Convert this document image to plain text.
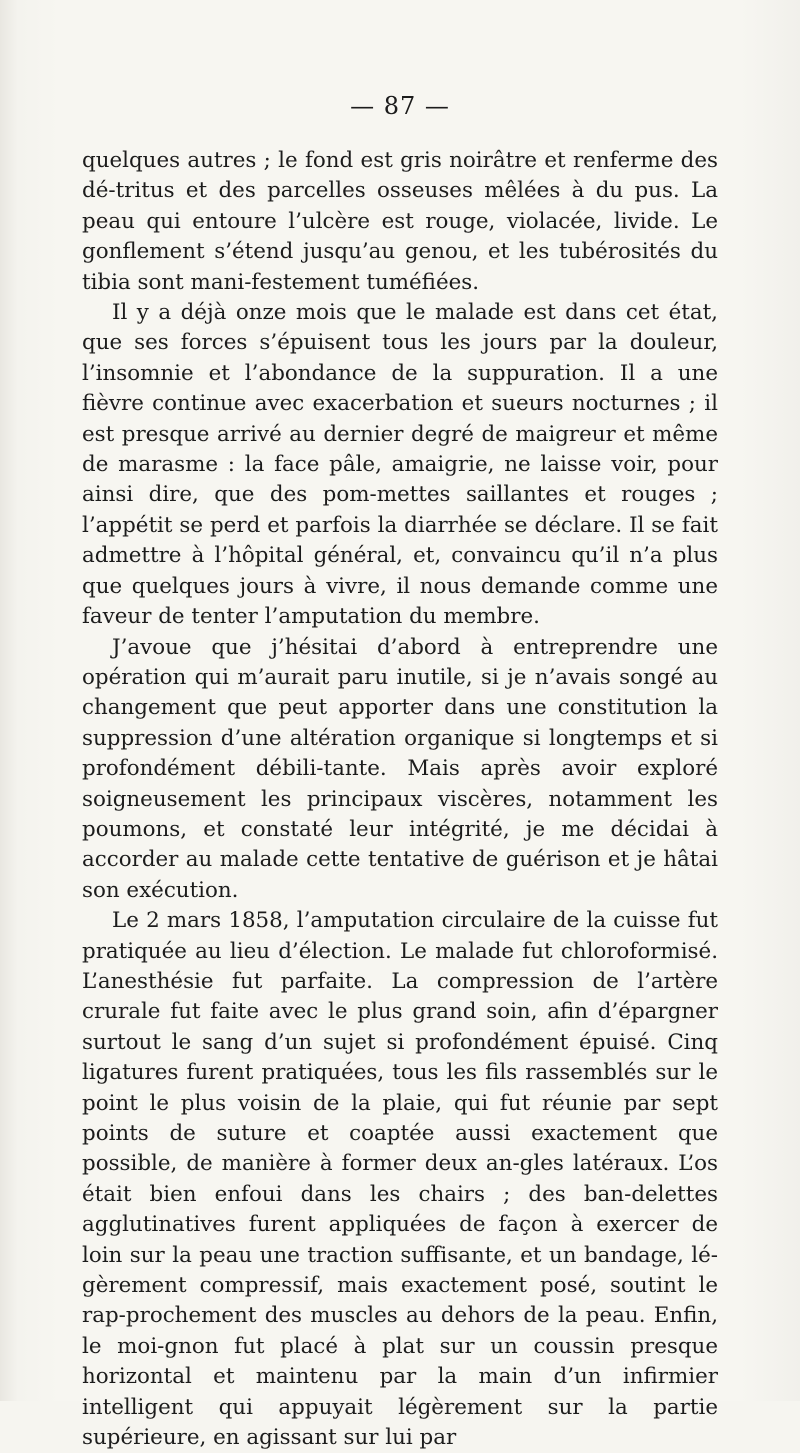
— 87 —

quelques autres ; le fond est gris noirâtre et renferme des dé-tritus et des parcelles osseuses mêlées à du pus. La peau qui entoure l’ulcère est rouge, violacée, livide. Le gonflement s’étend jusqu’au genou, et les tubérosités du tibia sont mani-festement tuméfiées.

Il y a déjà onze mois que le malade est dans cet état, que ses forces s’épuisent tous les jours par la douleur, l’insomnie et l’abondance de la suppuration. Il a une fièvre continue avec exacerbation et sueurs nocturnes ; il est presque arrivé au dernier degré de maigreur et même de marasme : la face pâle, amaigrie, ne laisse voir, pour ainsi dire, que des pom-mettes saillantes et rouges ; l’appétit se perd et parfois la diarrhée se déclare. Il se fait admettre à l’hôpital général, et, convaincu qu’il n’a plus que quelques jours à vivre, il nous demande comme une faveur de tenter l’amputation du membre.

J’avoue que j’hésitai d’abord à entreprendre une opération qui m’aurait paru inutile, si je n’avais songé au changement que peut apporter dans une constitution la suppression d’une altération organique si longtemps et si profondément débili-tante. Mais après avoir exploré soigneusement les principaux viscères, notamment les poumons, et constaté leur intégrité, je me décidai à accorder au malade cette tentative de guérison et je hâtai son exécution.

Le 2 mars 1858, l’amputation circulaire de la cuisse fut pratiquée au lieu d’élection. Le malade fut chloroformisé. L’anesthésie fut parfaite. La compression de l’artère crurale fut faite avec le plus grand soin, afin d’épargner surtout le sang d’un sujet si profondément épuisé. Cinq ligatures furent pratiquées, tous les fils rassemblés sur le point le plus voisin de la plaie, qui fut réunie par sept points de suture et coaptée aussi exactement que possible, de manière à former deux an-gles latéraux. L’os était bien enfoui dans les chairs ; des ban-delettes agglutinatives furent appliquées de façon à exercer de loin sur la peau une traction suffisante, et un bandage, lé-gèrement compressif, mais exactement posé, soutint le rap-prochement des muscles au dehors de la peau. Enfin, le moi-gnon fut placé à plat sur un coussin presque horizontal et maintenu par la main d’un infirmier intelligent qui appuyait légèrement sur la partie supérieure, en agissant sur lui par
